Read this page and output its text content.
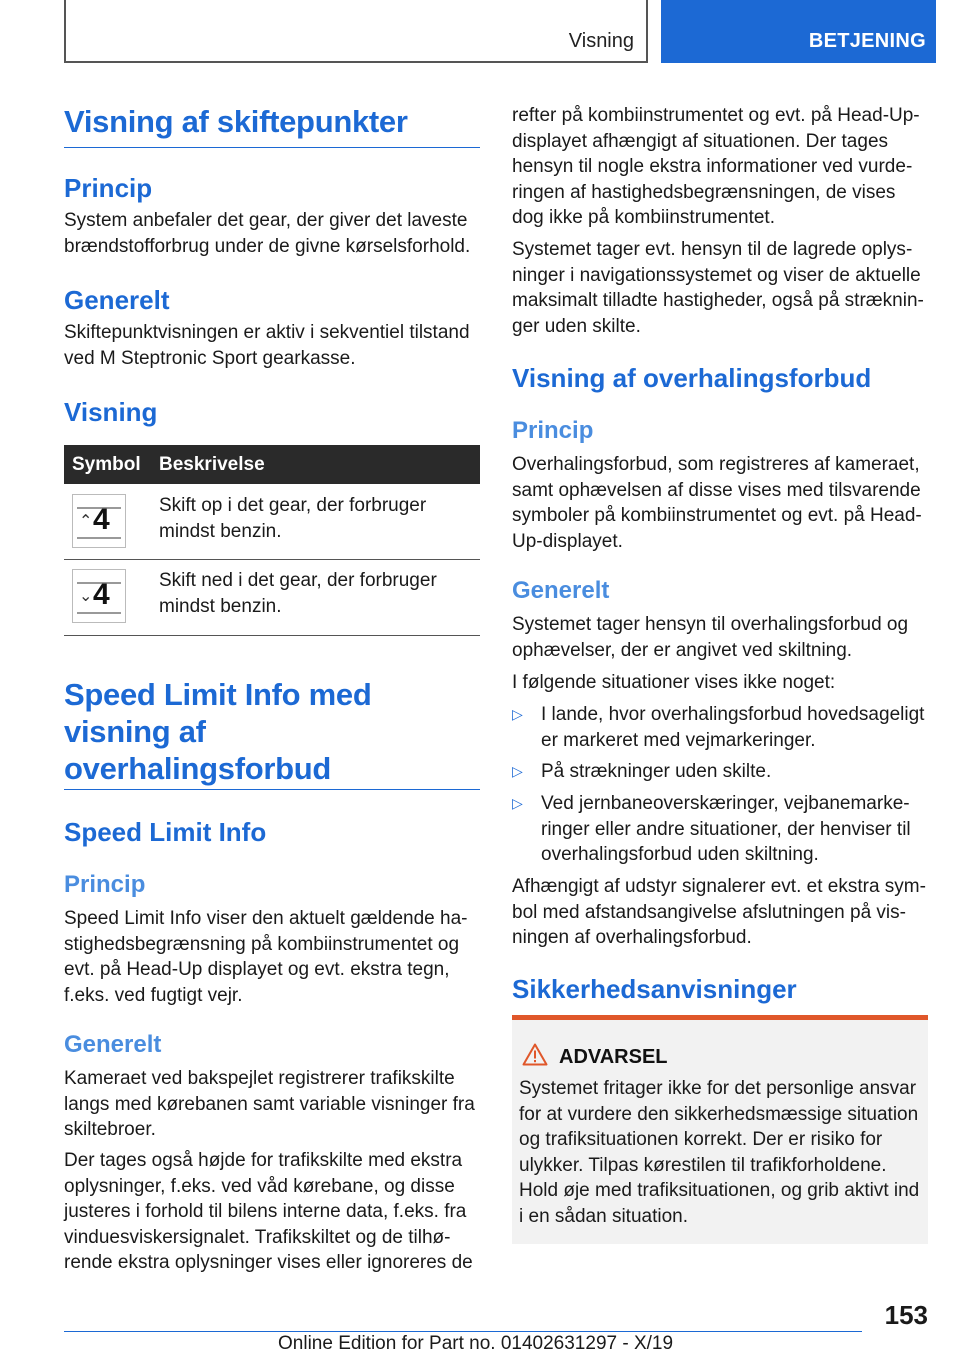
Visning	BETJENING
Visning af skiftepunkter
Princip

System anbefaler det gear, der giver det laveste brændstofforbrug under de givne kørselsforhold.

Generelt

Skiftepunktvisningen er aktiv i sekventiel tilstand ved M Steptronic Sport gearkasse.

Visning
Symbol Beskrivelse
⌃ 4	Skift op i det gear, der forbruger mindst benzin.
⌄ 4	Skift ned i det gear, der forbruger mindst benzin.
Speed Limit Info med visning af overhalingsforbud
Speed Limit Info
Princip

Speed Limit Info viser den aktuelt gældende hastighedsbegrænsning på kombiinstrumentet og evt. på Head-Up displayet og evt. ekstra tegn, f.eks. ved fugtigt vejr.

Generelt

Kameraet ved bakspejlet registrerer trafikskilte langs med kørebanen samt variable visninger fra skiltebroer.

Der tages også højde for trafikskilte med ekstra oplysninger, f.eks. ved våd kørebane, og disse justeres i forhold til bilens interne data, f.eks. fra vinduesviskersignalet. Trafikskiltet og de tilhørende ekstra oplysninger vises eller ignoreres de

refter på kombiinstrumentet og evt. på Head-Up-displayet afhængigt af situationen. Der tages hensyn til nogle ekstra informationer ved vurderingen af hastighedsbegrænsningen, de vises dog ikke på kombiinstrumentet.

Systemet tager evt. hensyn til de lagrede oplysninger i navigationssystemet og viser de aktuelle maksimalt tilladte hastigheder, også på strækninger uden skilte.

Visning af overhalingsforbud
Princip

Overhalingsforbud, som registreres af kameraet, samt ophævelsen af disse vises med tilsvarende symboler på kombiinstrumentet og evt. på Head-Up-displayet.

Generelt

Systemet tager hensyn til overhalingsforbud og ophævelser, der er angivet ved skiltning.

I følgende situationer vises ikke noget:

▷ I lande, hvor overhalingsforbud hovedsageligt er markeret med vejmarkeringer.
▷ På strækninger uden skilte.
▷ Ved jernbaneoverskæringer, vejbanemarkeringer eller andre situationer, der henviser til overhalingsforbud uden skiltning.

Afhængigt af udstyr signalerer evt. et ekstra symbol med afstandsangivelse afslutningen på visningen af overhalingsforbud.

Sikkerhedsanvisninger
ADVARSEL
Systemet fritager ikke for det personlige ansvar for at vurdere den sikkerhedsmæssige situation og trafiksituationen korrekt. Der er risiko for ulykker. Tilpas kørestilen til trafikforholdene. Hold øje med trafiksituationen, og grib aktivt ind i en sådan situation.
153
Online Edition for Part no. 01402631297 - X/19
